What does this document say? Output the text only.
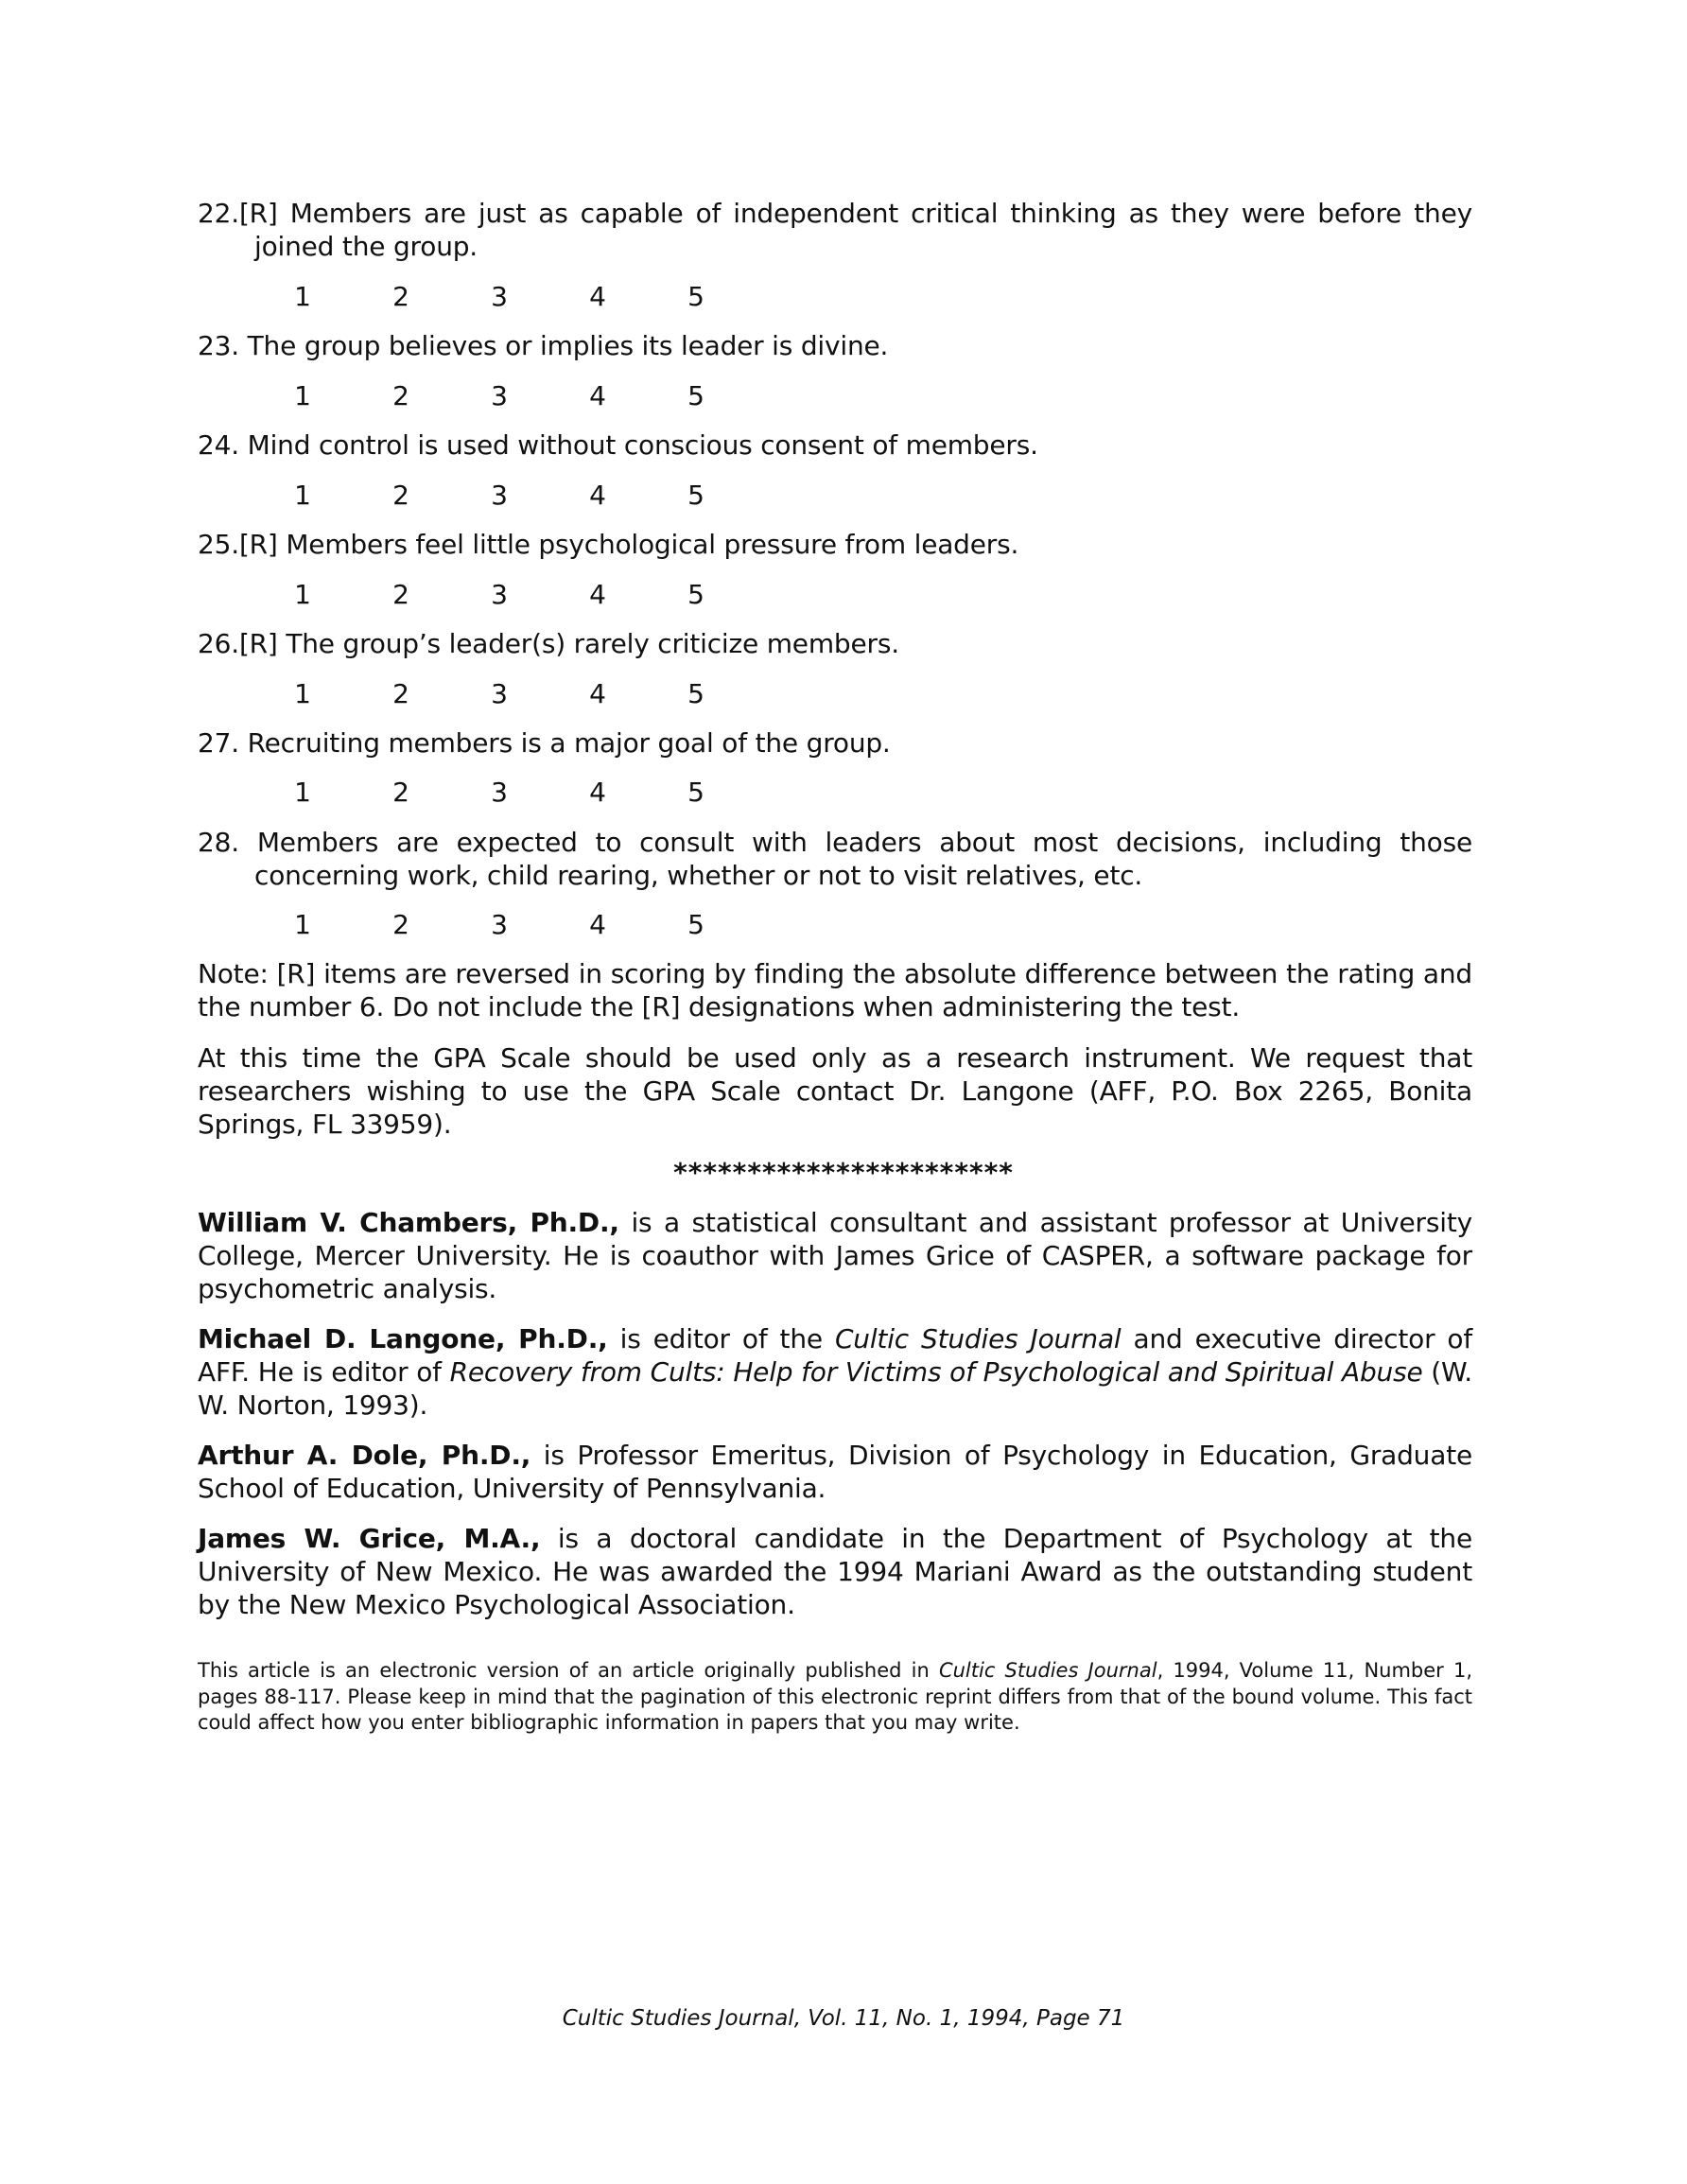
22.[R] Members are just as capable of independent critical thinking as they were before they joined the group.
1	2	3	4	5
23. The group believes or implies its leader is divine.
1	2	3	4	5
24. Mind control is used without conscious consent of members.
1	2	3	4	5
25.[R] Members feel little psychological pressure from leaders.
1	2	3	4	5
26.[R] The group’s leader(s) rarely criticize members.
1	2	3	4	5
27. Recruiting members is a major goal of the group.
1	2	3	4	5
28. Members are expected to consult with leaders about most decisions, including those concerning work, child rearing, whether or not to visit relatives, etc.
1	2	3	4	5
Note: [R] items are reversed in scoring by finding the absolute difference between the rating and the number 6. Do not include the [R] designations when administering the test.
At this time the GPA Scale should be used only as a research instrument. We request that researchers wishing to use the GPA Scale contact Dr. Langone (AFF, P.O. Box 2265, Bonita Springs, FL 33959).
***********************
William V. Chambers, Ph.D., is a statistical consultant and assistant professor at University College, Mercer University. He is coauthor with James Grice of CASPER, a software package for psychometric analysis.
Michael D. Langone, Ph.D., is editor of the Cultic Studies Journal and executive director of AFF. He is editor of Recovery from Cults: Help for Victims of Psychological and Spiritual Abuse (W. W. Norton, 1993).
Arthur A. Dole, Ph.D., is Professor Emeritus, Division of Psychology in Education, Graduate School of Education, University of Pennsylvania.
James W. Grice, M.A., is a doctoral candidate in the Department of Psychology at the University of New Mexico. He was awarded the 1994 Mariani Award as the outstanding student by the New Mexico Psychological Association.
This article is an electronic version of an article originally published in Cultic Studies Journal, 1994, Volume 11, Number 1, pages 88-117. Please keep in mind that the pagination of this electronic reprint differs from that of the bound volume. This fact could affect how you enter bibliographic information in papers that you may write.
Cultic Studies Journal, Vol. 11, No. 1, 1994, Page 71
